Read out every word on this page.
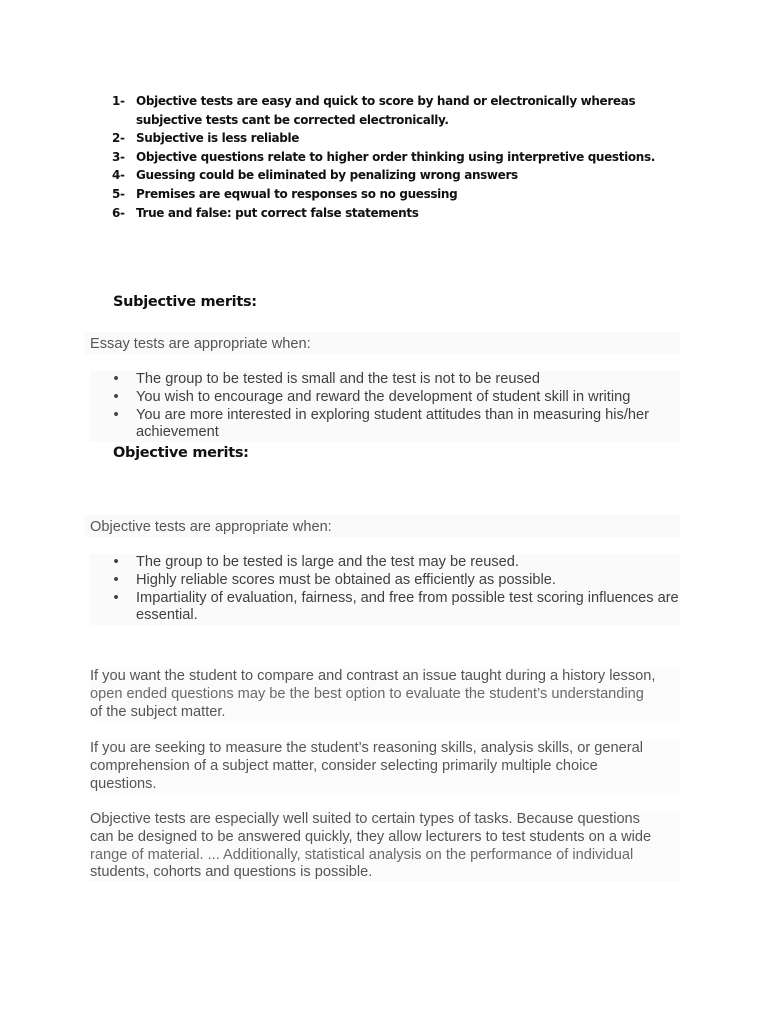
1- Objective tests are easy and quick to score by hand or electronically whereas subjective tests cant be corrected electronically.
2- Subjective is less reliable
3- Objective questions relate to higher order thinking using interpretive questions.
4- Guessing could be eliminated by penalizing wrong answers
5- Premises are eqwual to responses so no guessing
6- True and false: put correct false statements
Subjective merits:
Essay tests are appropriate when:
•	The group to be tested is small and the test is not to be reused
•	You wish to encourage and reward the development of student skill in writing
•	You are more interested in exploring student attitudes than in measuring his/her achievement
Objective merits:
Objective tests are appropriate when:
•	The group to be tested is large and the test may be reused.
•	Highly reliable scores must be obtained as efficiently as possible.
•	Impartiality of evaluation, fairness, and free from possible test scoring influences are essential.
If you want the student to compare and contrast an issue taught during a history lesson,
open ended questions may be the best option to evaluate the student’s understanding
of the subject matter.
If you are seeking to measure the student’s reasoning skills, analysis skills, or general
comprehension of a subject matter, consider selecting primarily multiple choice
questions.
Objective tests are especially well suited to certain types of tasks. Because questions
can be designed to be answered quickly, they allow lecturers to test students on a wide
range of material. ... Additionally, statistical analysis on the performance of individual
students, cohorts and questions is possible.
